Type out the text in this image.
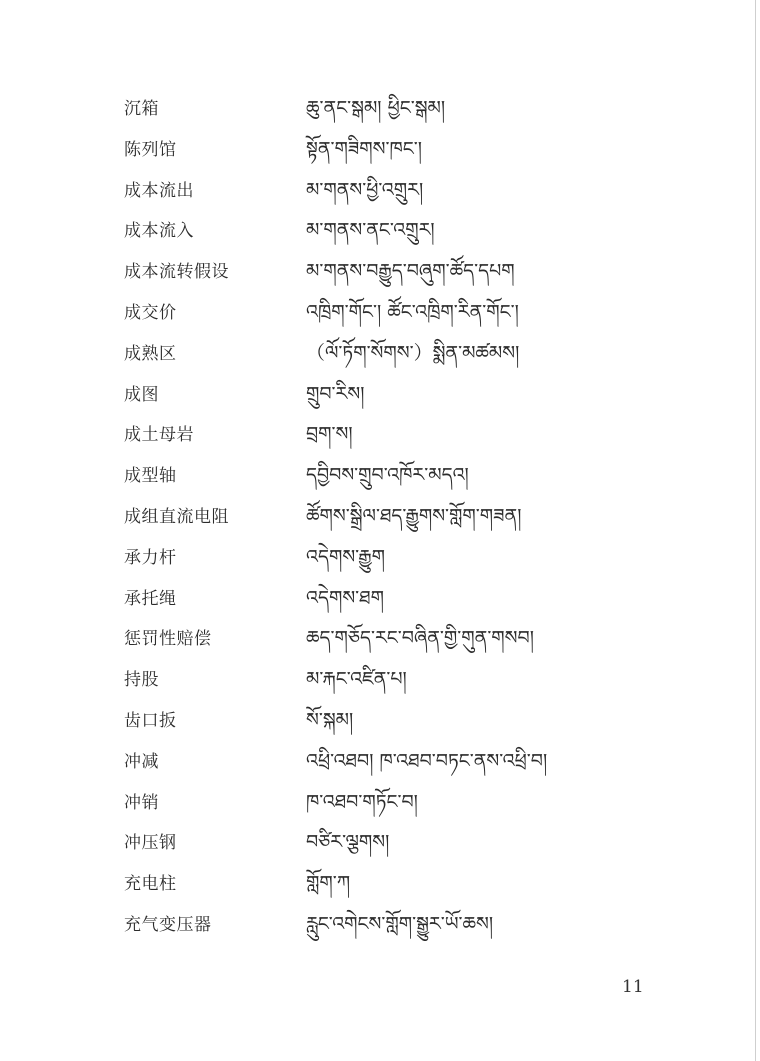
沉箱	ཆུ་ནང་སྒམ། ཕྱིང་སྒམ།
陈列馆	སྟོན་གཟིགས་ཁང་།
成本流出	མ་གནས་ཕྱི་འགྲུར།
成本流入	མ་གནས་ནང་འགྲུར།
成本流转假设	མ་གནས་བརྒྱུད་བཞུག་ཚོད་དཔག
成交价	འཁྲིག་གོང་། ཚོང་འཁྲིག་རིན་གོང་།
成熟区	（ལོ་ཏོག་སོགས་）སྨིན་མཚམས།
成图	གྲུབ་རིས།
成土母岩	བྲག་ས།
成型轴	དབྱིབས་གྲུབ་འཁོར་མདའ།
成组直流电阻	ཚོགས་སྒྲིལ་ཐད་རྒྱུགས་གློག་གཟན།
承力杆	འདེགས་རྒྱུག
承托绳	འདེགས་ཐག
惩罚性赔偿	ཆད་གཅོད་རང་བཞིན་གྱི་གུན་གསབ།
持股	མ་རྐང་འཛིན་པ།
齿口扳	སོ་སྐམ།
冲减	འཕྲི་འཐབ། ཁ་འཐབ་བཏང་ནས་འཕྲི་བ།
冲销	ཁ་འཐབ་གཏོང་བ།
冲压钢	བཙིར་ལྕགས།
充电柱	གློག་ཀ
充气变压器	རླུང་འགེངས་གློག་སྒྱུར་ཡོ་ཆས།
11
